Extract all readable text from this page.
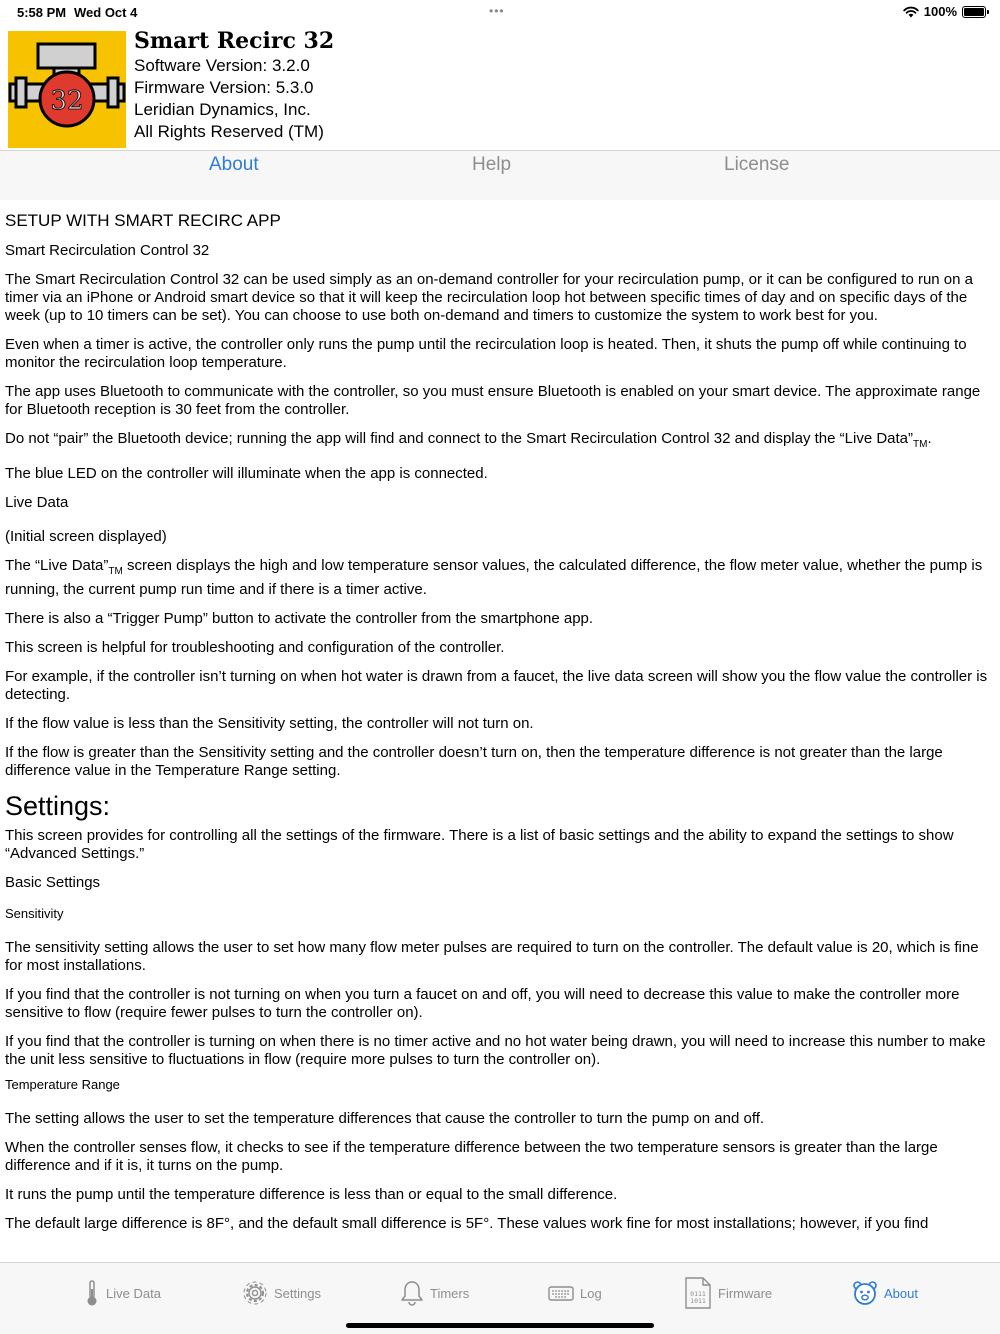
5:58 PM Wed Oct 4	•••	100%
32
Smart Recirc 32
Software Version: 3.2.0
Firmware Version: 5.3.0
Leridian Dynamics, Inc.
All Rights Reserved (TM)
About	Help	License
SETUP WITH SMART RECIRC APP
Smart Recirculation Control 32
The Smart Recirculation Control 32 can be used simply as an on-demand controller for your recirculation pump, or it can be configured to run on a timer via an iPhone or Android smart device so that it will keep the recirculation loop hot between specific times of day and on specific days of the week (up to 10 timers can be set). You can choose to use both on-demand and timers to customize the system to work best for you.
Even when a timer is active, the controller only runs the pump until the recirculation loop is heated. Then, it shuts the pump off while continuing to monitor the recirculation loop temperature.
The app uses Bluetooth to communicate with the controller, so you must ensure Bluetooth is enabled on your smart device. The approximate range for Bluetooth reception is 30 feet from the controller.
Do not “pair” the Bluetooth device; running the app will find and connect to the Smart Recirculation Control 32 and display the “Live $Data”_{TM}$.
The blue LED on the controller will illuminate when the app is connected.
Live Data
(Initial screen displayed)
The “Live $Data”_{TM}$ screen displays the high and low temperature sensor values, the calculated difference, the flow meter value, whether the pump is running, the current pump run time and if there is a timer active.
There is also a “Trigger Pump” button to activate the controller from the smartphone app.
This screen is helpful for troubleshooting and configuration of the controller.
For example, if the controller isn’t turning on when hot water is drawn from a faucet, the live data screen will show you the flow value the controller is detecting.
If the flow value is less than the Sensitivity setting, the controller will not turn on.
If the flow is greater than the Sensitivity setting and the controller doesn’t turn on, then the temperature difference is not greater than the large difference value in the Temperature Range setting.
Settings:
This screen provides for controlling all the settings of the firmware. There is a list of basic settings and the ability to expand the settings to show “Advanced Settings.”
Basic Settings
Sensitivity
The sensitivity setting allows the user to set how many flow meter pulses are required to turn on the controller. The default value is 20, which is fine for most installations.
If you find that the controller is not turning on when you turn a faucet on and off, you will need to decrease this value to make the controller more sensitive to flow (require fewer pulses to turn the controller on).
If you find that the controller is turning on when there is no timer active and no hot water being drawn, you will need to increase this number to make the unit less sensitive to fluctuations in flow (require more pulses to turn the controller on).
Temperature Range
The setting allows the user to set the temperature differences that cause the controller to turn the pump on and off.
When the controller senses flow, it checks to see if the temperature difference between the two temperature sensors is greater than the large difference and if it is, it turns on the pump.
It runs the pump until the temperature difference is less than or equal to the small difference.
The default large difference is 8F°, and the default small difference is 5F°. These values work fine for most installations; however, if you find
Live Data	Settings	Timers	Log	0111
1011
Firmware	About
